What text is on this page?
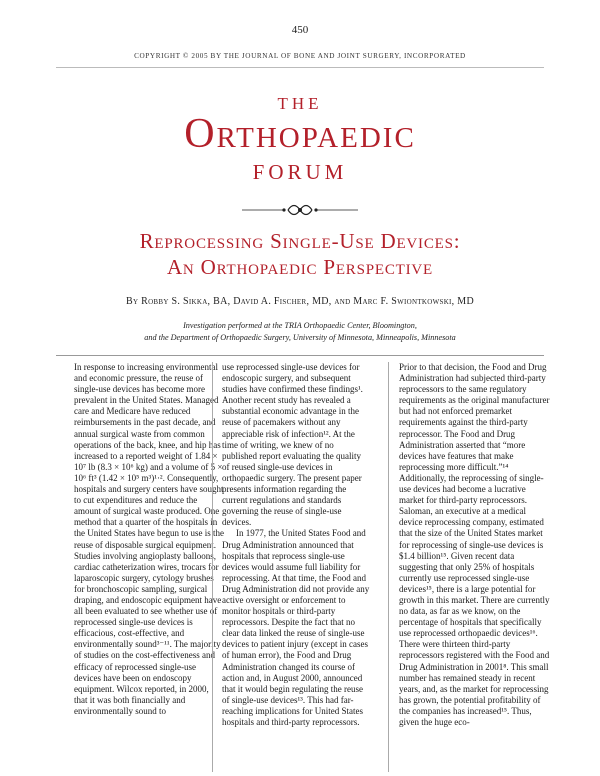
450
COPYRIGHT © 2005 BY THE JOURNAL OF BONE AND JOINT SURGERY, INCORPORATED
THE
Orthopaedic
FORUM
Reprocessing Single-Use Devices:
An Orthopaedic Perspective
By Robby S. Sikka, BA, David A. Fischer, MD, and Marc F. Swiontkowski, MD
Investigation performed at the TRIA Orthopaedic Center, Bloomington,
and the Department of Orthopaedic Surgery, University of Minnesota, Minneapolis, Minnesota

In response to increasing environmental and economic pressure, the reuse of single-use devices has become more prevalent in the United States. Managed care and Medicare have reduced reimbursements in the past decade, and annual surgical waste from common operations of the back, knee, and hip has increased to a reported weight of 1.84 × 10⁷ lb (8.3 × 10⁶ kg) and a volume of 5 × 10⁶ ft³ (1.42 × 10⁵ m³)¹·². Consequently, hospitals and surgery centers have sought to cut expenditures and reduce the amount of surgical waste produced. One method that a quarter of the hospitals in the United States have begun to use is the reuse of disposable surgical equipment. Studies involving angioplasty balloons, cardiac catheterization wires, trocars for laparoscopic surgery, cytology brushes for bronchoscopic sampling, surgical draping, and endoscopic equipment have all been evaluated to see whether use of reprocessed single-use devices is efficacious, cost-effective, and environmentally sound³⁻¹¹. The majority of studies on the cost-effectiveness and efficacy of reprocessed single-use devices have been on endoscopy equipment. Wilcox reported, in 2000, that it was both financially and environmentally sound to

use reprocessed single-use devices for endoscopic surgery, and subsequent studies have confirmed these findings¹. Another recent study has revealed a substantial economic advantage in the reuse of pacemakers without any appreciable risk of infection¹². At the time of writing, we knew of no published report evaluating the quality of reused single-use devices in orthopaedic surgery. The present paper presents information regarding the current regulations and standards governing the reuse of single-use devices.

In 1977, the United States Food and Drug Administration announced that hospitals that reprocess single-use devices would assume full liability for reprocessing. At that time, the Food and Drug Administration did not provide any active oversight or enforcement to monitor hospitals or third-party reprocessors. Despite the fact that no clear data linked the reuse of single-use devices to patient injury (except in cases of human error), the Food and Drug Administration changed its course of action and, in August 2000, announced that it would begin regulating the reuse of single-use devices¹³. This had far-reaching implications for United States hospitals and third-party reprocessors.

Prior to that decision, the Food and Drug Administration had subjected third-party reprocessors to the same regulatory requirements as the original manufacturer but had not enforced premarket requirements against the third-party reprocessor. The Food and Drug Administration asserted that “more devices have features that make reprocessing more difficult.”¹⁴ Additionally, the reprocessing of single-use devices had become a lucrative market for third-party reprocessors. Saloman, an executive at a medical device reprocessing company, estimated that the size of the United States market for reprocessing of single-use devices is $1.4 billion¹⁵. Given recent data suggesting that only 25% of hospitals currently use reprocessed single-use devices¹⁵, there is a large potential for growth in this market. There are currently no data, as far as we know, on the percentage of hospitals that specifically use reprocessed orthopaedic devices¹⁶. There were thirteen third-party reprocessors registered with the Food and Drug Administration in 2001⁸. This small number has remained steady in recent years, and, as the market for reprocessing has grown, the potential profitability of the companies has increased¹⁵. Thus, given the huge eco-
